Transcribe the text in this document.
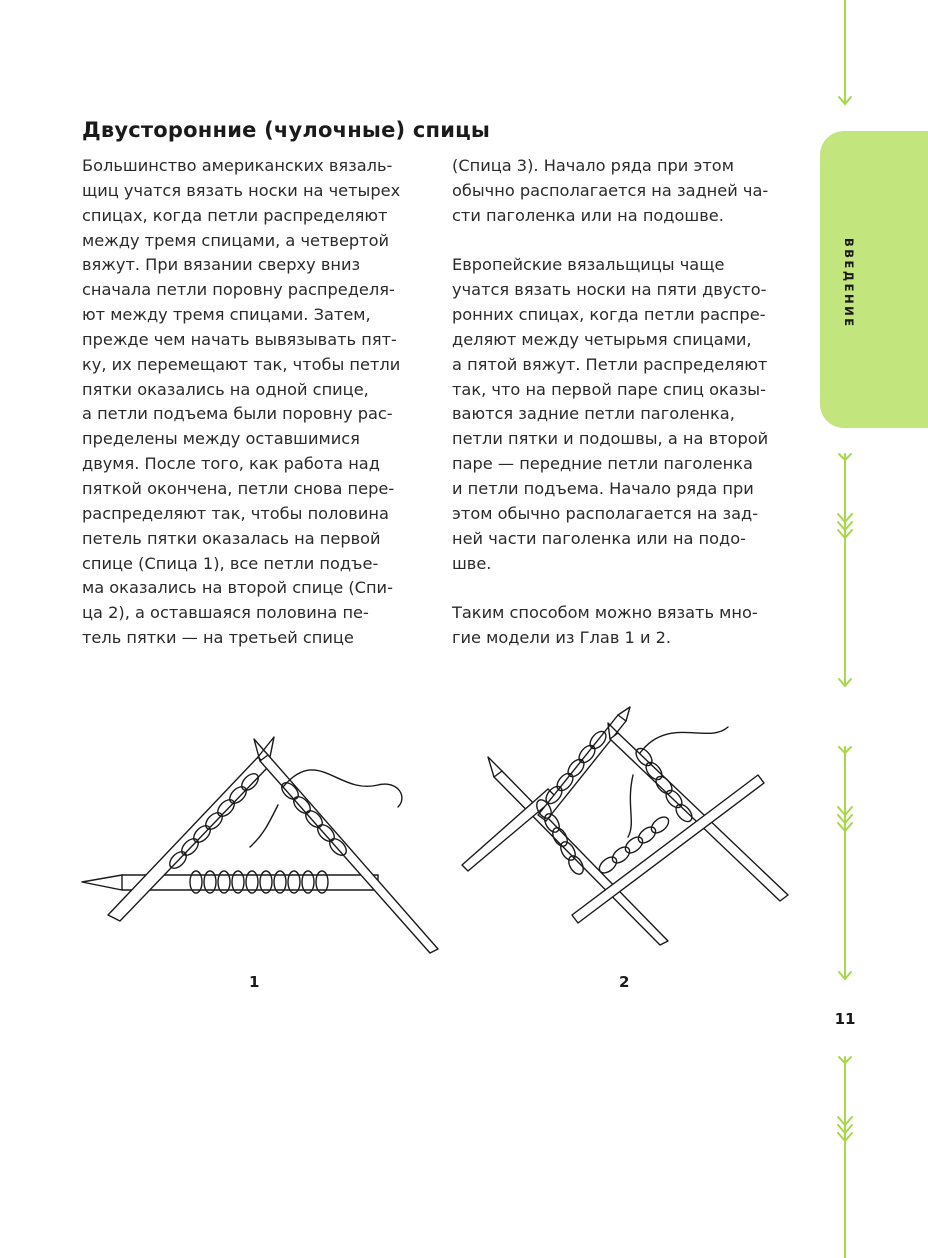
Двусторонние (чулочные) спицы
Большинство американских вязаль-
щиц учатся вязать носки на четырех
спицах, когда петли распределяют
между тремя спицами, а четвертой
вяжут. При вязании сверху вниз
сначала петли поровну распределя-
ют между тремя спицами. Затем,
прежде чем начать вывязывать пят-
ку, их перемещают так, чтобы петли
пятки оказались на одной спице,
а петли подъема были поровну рас-
пределены между оставшимися
двумя. После того, как работа над
пяткой окончена, петли снова пере-
распределяют так, чтобы половина
петель пятки оказалась на первой
спице (Спица 1), все петли подъе-
ма оказались на второй спице (Спи-
ца 2), а оставшаяся половина пе-
тель пятки — на третьей спице
(Спица 3). Начало ряда при этом
обычно располагается на задней ча-
сти паголенка или на подошве.
Европейские вязальщицы чаще
учатся вязать носки на пяти двусто-
ронних спицах, когда петли распре-
деляют между четырьмя спицами,
а пятой вяжут. Петли распределяют
так, что на первой паре спиц оказы-
ваются задние петли паголенка,
петли пятки и подошвы, а на второй
паре — передние петли паголенка
и петли подъема. Начало ряда при
этом обычно располагается на зад-
ней части паголенка или на подо-
шве.
Таким способом можно вязать мно-
гие модели из Глав 1 и 2.
1	2
ВВЕДЕНИЕ
11
